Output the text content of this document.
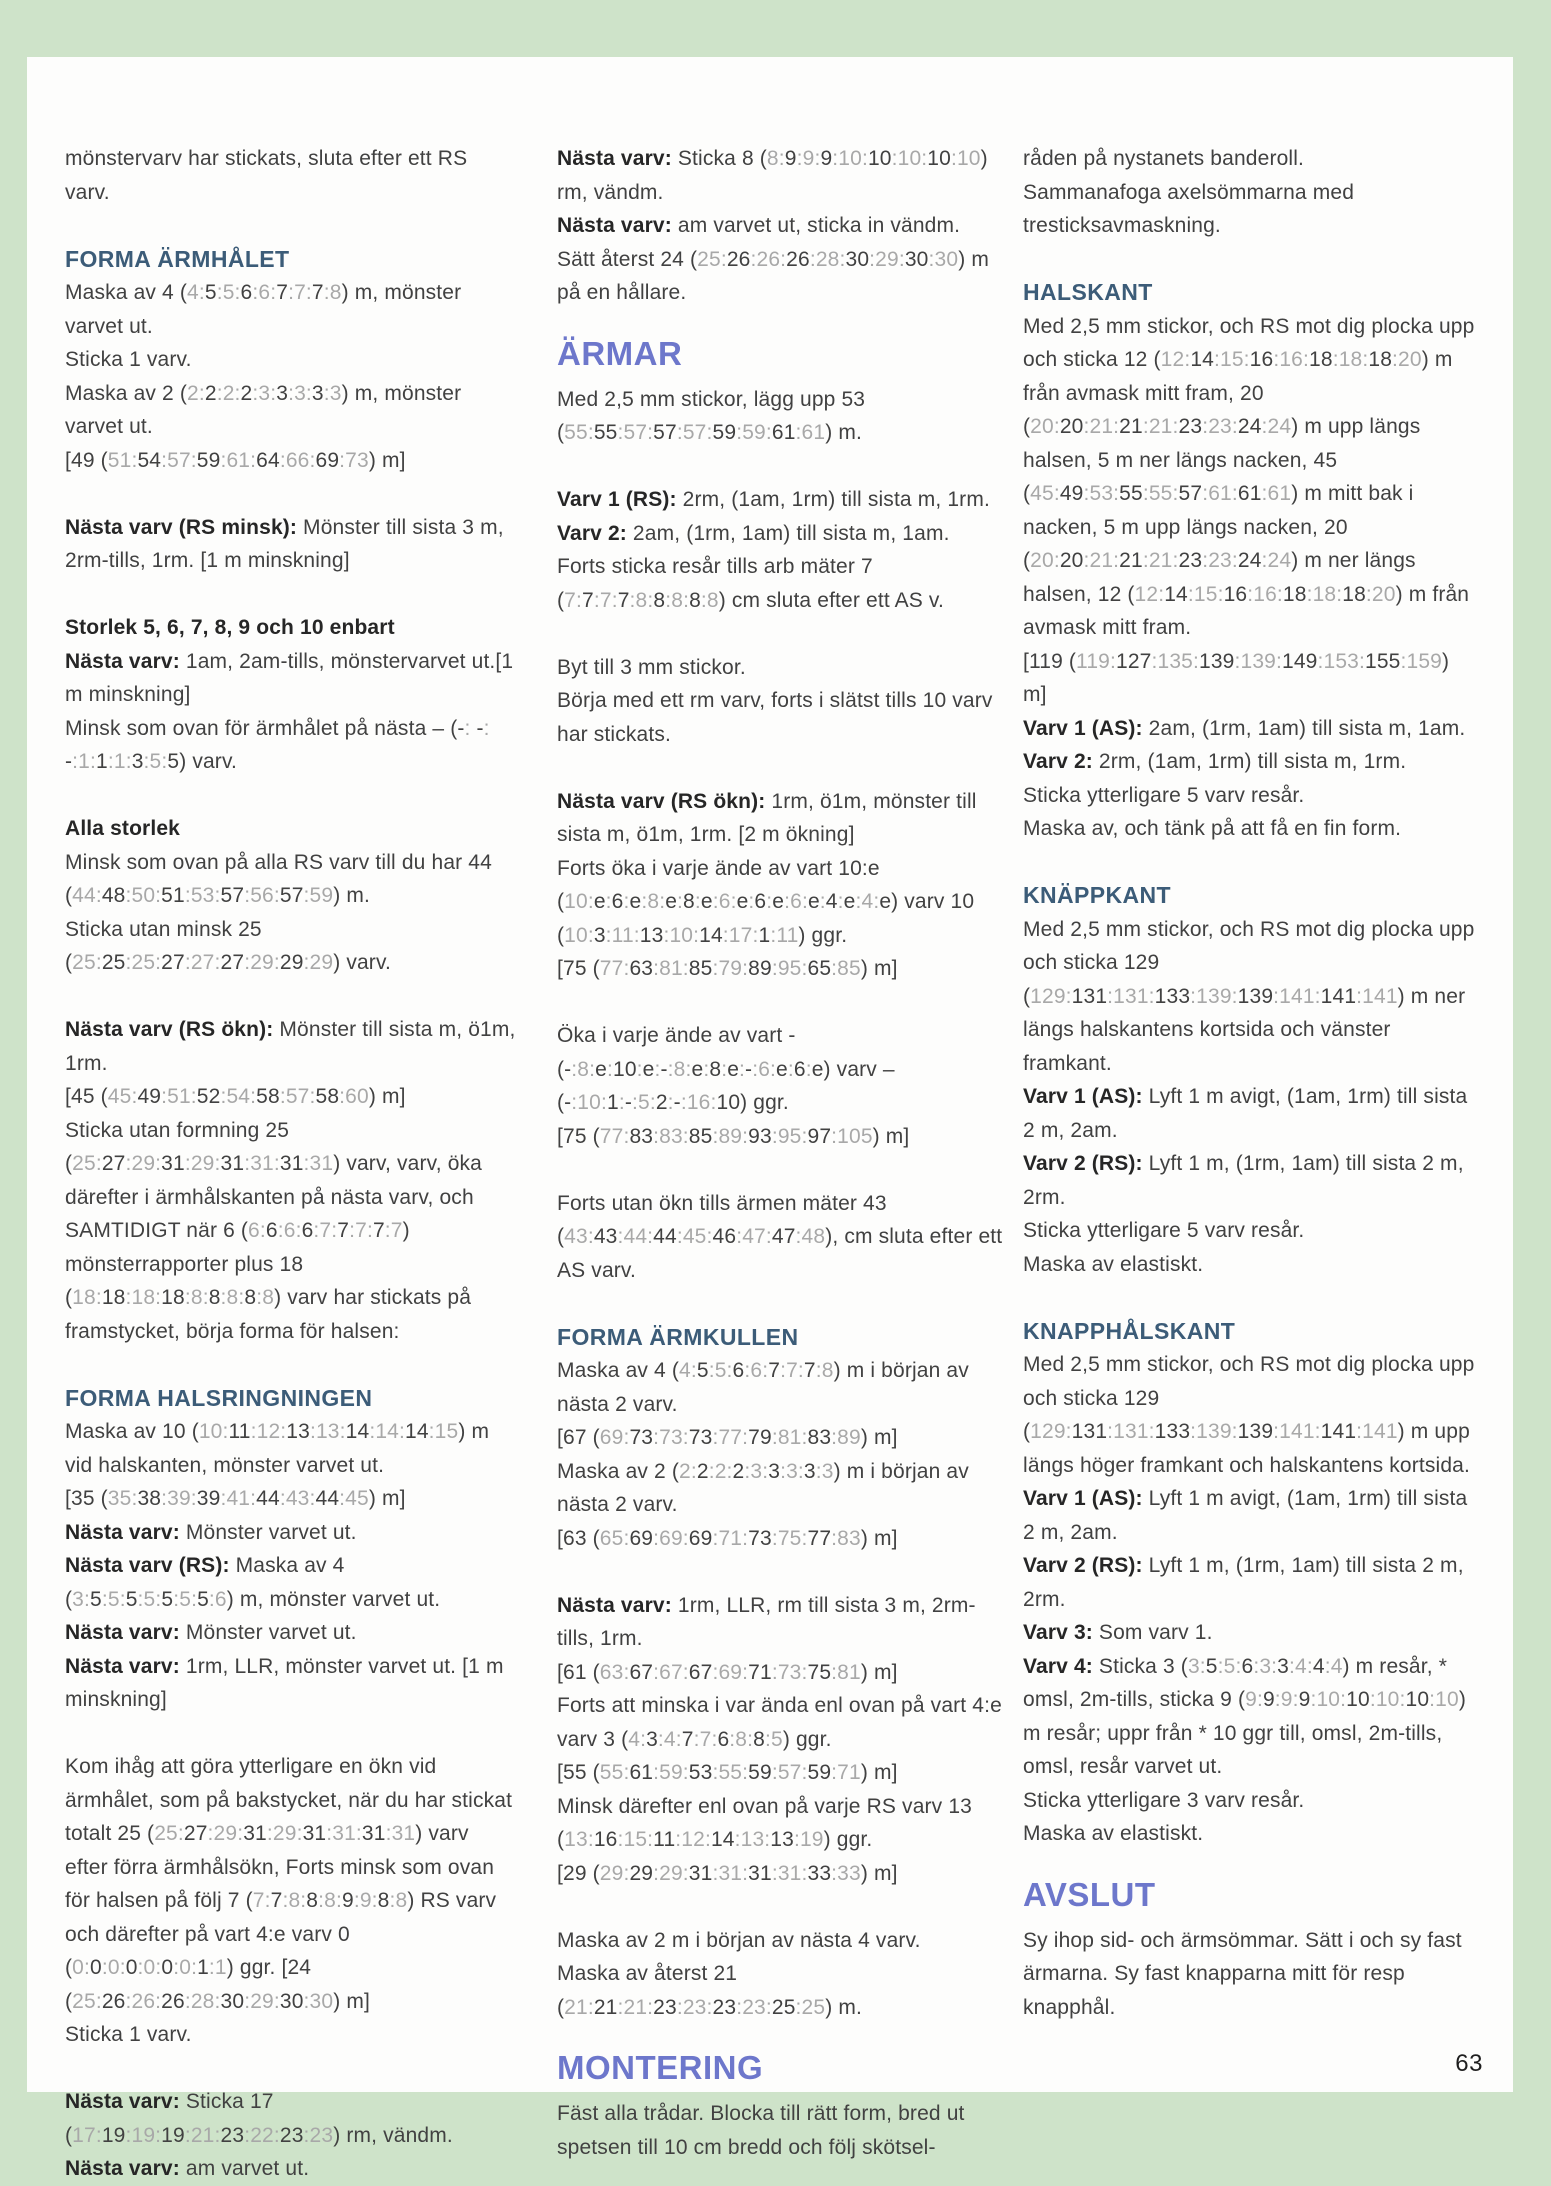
mönstervarv har stickats, sluta efter ett RS varv.

FORMA ÄRMHÅLET

Maska av 4 (4:5:5:6:6:7:7:7:8) m, mönster varvet ut.

Sticka 1 varv.

Maska av 2 (2:2:2:2:3:3:3:3:3) m, mönster varvet ut.

[49 (51:54:57:59:61:64:66:69:73) m]

Nästa varv (RS minsk): Mönster till sista 3 m, 2rm-tills, 1rm. [1 m minskning]

Storlek 5, 6, 7, 8, 9 och 10 enbart

Nästa varv: 1am, 2am-tills, mönstervarvet ut.[1 m minskning]

Minsk som ovan för ärmhålet på nästa – (-: -: -:1:1:1:3:5:5) varv.

Alla storlek

Minsk som ovan på alla RS varv till du har 44 (44:48:50:51:53:57:56:57:59) m.

Sticka utan minsk 25 (25:25:25:27:27:27:29:29:29) varv.

Nästa varv (RS ökn): Mönster till sista m, ö1m, 1rm.

[45 (45:49:51:52:54:58:57:58:60) m]

Sticka utan formning 25 (25:27:29:31:29:31:31:31:31) varv, varv, öka därefter i ärmhålskanten på nästa varv, och SAMTIDIGT när 6 (6:6:6:6:7:7:7:7:7) mönsterrapporter plus 18 (18:18:18:18:8:8:8:8:8) varv har stickats på framstycket, börja forma för halsen:

FORMA HALSRINGNINGEN

Maska av 10 (10:11:12:13:13:14:14:14:15) m vid halskanten, mönster varvet ut.

[35 (35:38:39:39:41:44:43:44:45) m]

Nästa varv: Mönster varvet ut.

Nästa varv (RS): Maska av 4 (3:5:5:5:5:5:5:5:6) m, mönster varvet ut.

Nästa varv: Mönster varvet ut.

Nästa varv: 1rm, LLR, mönster varvet ut. [1 m minskning]

Kom ihåg att göra ytterligare en ökn vid ärmhålet, som på bakstycket, när du har stickat totalt 25 (25:27:29:31:29:31:31:31:31) varv efter förra ärmhålsökn, Forts minsk som ovan för halsen på följ 7 (7:7:8:8:8:9:9:8:8) RS varv och därefter på vart 4:e varv 0 (0:0:0:0:0:0:0:1:1) ggr. [24 (25:26:26:26:28:30:29:30:30) m]

Sticka 1 varv.

Nästa varv: Sticka 17 (17:19:19:19:21:23:22:23:23) rm, vändm.

Nästa varv: am varvet ut.

Nästa varv: Sticka 8 (8:9:9:9:10:10:10:10:10) rm, vändm.

Nästa varv: am varvet ut, sticka in vändm.

Sätt återst 24 (25:26:26:26:28:30:29:30:30) m på en hållare.

ÄRMAR

Med 2,5 mm stickor, lägg upp 53 (55:55:57:57:57:59:59:61:61) m.

Varv 1 (RS): 2rm, (1am, 1rm) till sista m, 1rm.

Varv 2: 2am, (1rm, 1am) till sista m, 1am.

Forts sticka resår tills arb mäter 7 (7:7:7:7:8:8:8:8:8) cm sluta efter ett AS v.

Byt till 3 mm stickor.

Börja med ett rm varv, forts i slätst tills 10 varv har stickats.

Nästa varv (RS ökn): 1rm, ö1m, mönster till sista m, ö1m, 1rm. [2 m ökning]

Forts öka i varje ände av vart 10:e (10:e:6:e:8:e:8:e:6:e:6:e:6:e:4:e:4:e) varv 10 (10:3:11:13:10:14:17:1:11) ggr.

[75 (77:63:81:85:79:89:95:65:85) m]

Öka i varje ände av vart - (-:8:e:10:e:-:8:e:8:e:-:6:e:6:e) varv – (-:10:1:-:5:2:-:16:10) ggr.

[75 (77:83:83:85:89:93:95:97:105) m]

Forts utan ökn tills ärmen mäter 43 (43:43:44:44:45:46:47:47:48), cm sluta efter ett AS varv.

FORMA ÄRMKULLEN

Maska av 4 (4:5:5:6:6:7:7:7:8) m i början av nästa 2 varv.

[67 (69:73:73:73:77:79:81:83:89) m]

Maska av 2 (2:2:2:2:3:3:3:3:3) m i början av nästa 2 varv.

[63 (65:69:69:69:71:73:75:77:83) m]

Nästa varv: 1rm, LLR, rm till sista 3 m, 2rm-tills, 1rm.

[61 (63:67:67:67:69:71:73:75:81) m]

Forts att minska i var ända enl ovan på vart 4:e varv 3 (4:3:4:7:7:6:8:8:5) ggr.

[55 (55:61:59:53:55:59:57:59:71) m]

Minsk därefter enl ovan på varje RS varv 13 (13:16:15:11:12:14:13:13:19) ggr.

[29 (29:29:29:31:31:31:31:33:33) m]

Maska av 2 m i början av nästa 4 varv.

Maska av återst 21 (21:21:21:23:23:23:23:25:25) m.

MONTERING

Fäst alla trådar. Blocka till rätt form, bred ut spetsen till 10 cm bredd och följ skötsel-

råden på nystanets banderoll.

Sammanafoga axelsömmarna med tresticksavmaskning.

HALSKANT

Med 2,5 mm stickor, och RS mot dig plocka upp och sticka 12 (12:14:15:16:16:18:18:18:20) m från avmask mitt fram, 20 (20:20:21:21:21:23:23:24:24) m upp längs halsen, 5 m ner längs nacken, 45 (45:49:53:55:55:57:61:61:61) m mitt bak i nacken, 5 m upp längs nacken, 20 (20:20:21:21:21:23:23:24:24) m ner längs halsen, 12 (12:14:15:16:16:18:18:18:20) m från avmask mitt fram.

[119 (119:127:135:139:139:149:153:155:159) m]

Varv 1 (AS): 2am, (1rm, 1am) till sista m, 1am.

Varv 2: 2rm, (1am, 1rm) till sista m, 1rm.

Sticka ytterligare 5 varv resår.

Maska av, och tänk på att få en fin form.

KNÄPPKANT

Med 2,5 mm stickor, och RS mot dig plocka upp och sticka 129 (129:131:131:133:139:139:141:141:141) m ner längs halskantens kortsida och vänster framkant.

Varv 1 (AS): Lyft 1 m avigt, (1am, 1rm) till sista 2 m, 2am.

Varv 2 (RS): Lyft 1 m, (1rm, 1am) till sista 2 m, 2rm.

Sticka ytterligare 5 varv resår.

Maska av elastiskt.

KNAPPHÅLSKANT

Med 2,5 mm stickor, och RS mot dig plocka upp och sticka 129 (129:131:131:133:139:139:141:141:141) m upp längs höger framkant och halskantens kortsida.

Varv 1 (AS): Lyft 1 m avigt, (1am, 1rm) till sista 2 m, 2am.

Varv 2 (RS): Lyft 1 m, (1rm, 1am) till sista 2 m, 2rm.

Varv 3: Som varv 1.

Varv 4: Sticka 3 (3:5:5:6:3:3:4:4:4) m resår, * omsl, 2m-tills, sticka 9 (9:9:9:9:10:10:10:10:10) m resår; uppr från * 10 ggr till, omsl, 2m-tills, omsl, resår varvet ut.

Sticka ytterligare 3 varv resår.

Maska av elastiskt.

AVSLUT

Sy ihop sid- och ärmsömmar. Sätt i och sy fast ärmarna. Sy fast knapparna mitt för resp knapphål.

63
